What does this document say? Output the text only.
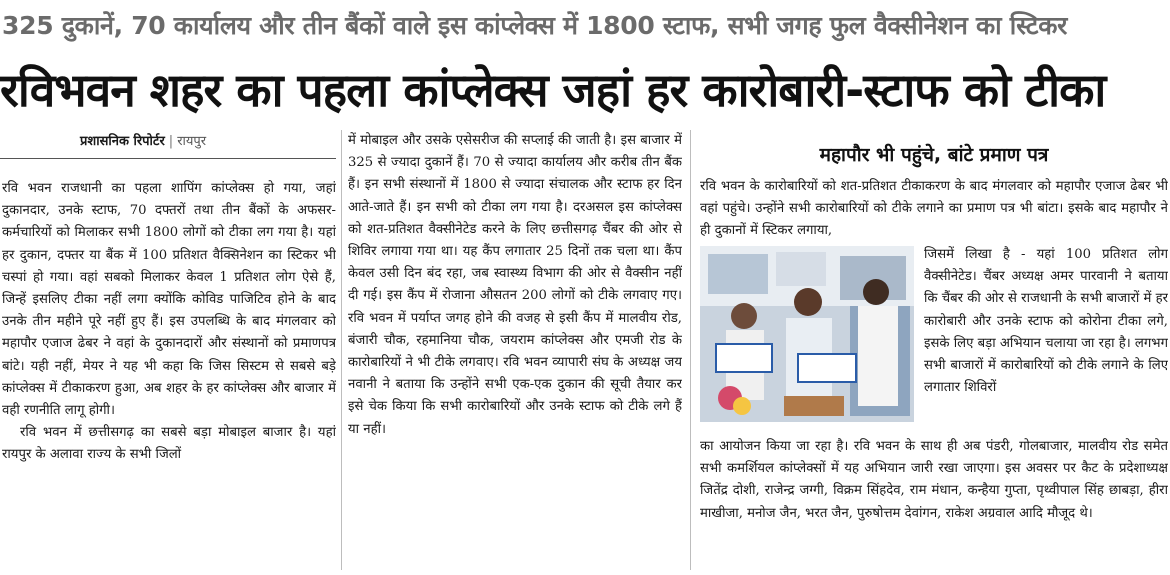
325 दुकानें, 70 कार्यालय और तीन बैंकों वाले इस कांप्लेक्स में 1800 स्टाफ, सभी जगह फुल वैक्सीनेशन का स्टिकर
रविभवन शहर का पहला कांप्लेक्स जहां हर कारोबारी-स्टाफ को टीका
प्रशासनिक रिपोर्टर | रायपुर

रवि भवन राजधानी का पहला शापिंग कांप्लेक्स हो गया, जहां दुकानदार, उनके स्टाफ, 70 दफ्तरों तथा तीन बैंकों के अफसर-कर्मचारियों को मिलाकर सभी 1800 लोगों को टीका लग गया है। यहां हर दुकान, दफ्तर या बैंक में 100 प्रतिशत वैक्सिनेशन का स्टिकर भी चस्पां हो गया। वहां सबको मिलाकर केवल 1 प्रतिशत लोग ऐसे हैं, जिन्हें इसलिए टीका नहीं लगा क्योंकि कोविड पाजिटिव होने के बाद उनके तीन महीने पूरे नहीं हुए हैं। इस उपलब्धि के बाद मंगलवार को महापौर एजाज ढेबर ने वहां के दुकानदारों और संस्थानों को प्रमाणपत्र बांटे। यही नहीं, मेयर ने यह भी कहा कि जिस सिस्टम से सबसे बड़े कांप्लेक्स में टीकाकरण हुआ, अब शहर के हर कांप्लेक्स और बाजार में वही रणनीति लागू होगी।

रवि भवन में छत्तीसगढ़ का सबसे बड़ा मोबाइल बाजार है। यहां रायपुर के अलावा राज्य के सभी जिलों

में मोबाइल और उसके एसेसरीज की सप्लाई की जाती है। इस बाजार में 325 से ज्यादा दुकानें हैं। 70 से ज्यादा कार्यालय और करीब तीन बैंक हैं। इन सभी संस्थानों में 1800 से ज्यादा संचालक और स्टाफ हर दिन आते-जाते हैं। इन सभी को टीका लग गया है। दरअसल इस कांप्लेक्स को शत-प्रतिशत वैक्सीनेटेड करने के लिए छत्तीसगढ़ चैंबर की ओर से शिविर लगाया गया था। यह कैंप लगातार 25 दिनों तक चला था। कैंप केवल उसी दिन बंद रहा, जब स्वास्थ्य विभाग की ओर से वैक्सीन नहीं दी गई। इस कैंप में रोजाना औसतन 200 लोगों को टीके लगवाए गए। रवि भवन में पर्याप्त जगह होने की वजह से इसी कैंप में मालवीय रोड, बंजारी चौक, रहमानिया चौक, जयराम कांप्लेक्स और एमजी रोड के कारोबारियों ने भी टीके लगवाए। रवि भवन व्यापारी संघ के अध्यक्ष जय नवानी ने बताया कि उन्होंने सभी एक-एक दुकान की सूची तैयार कर इसे चेक किया कि सभी कारोबारियों और उनके स्टाफ को टीके लगे हैं या नहीं।

महापौर भी पहुंचे, बांटे प्रमाण पत्र

रवि भवन के कारोबारियों को शत-प्रतिशत टीकाकरण के बाद मंगलवार को महापौर एजाज ढेबर भी वहां पहुंचे। उन्होंने सभी कारोबारियों को टीके लगाने का प्रमाण पत्र भी बांटा। इसके बाद महापौर ने ही दुकानों में स्टिकर लगाया,

जिसमें लिखा है - यहां 100 प्रतिशत लोग वैक्सीनेटेड। चैंबर अध्यक्ष अमर पारवानी ने बताया कि चैंबर की ओर से राजधानी के सभी बाजारों में हर कारोबारी और उनके स्टाफ को कोरोना टीका लगे, इसके लिए बड़ा अभियान चलाया जा रहा है। लगभग सभी बाजारों में कारोबारियों को टीके लगाने के लिए लगातार शिविरों

का आयोजन किया जा रहा है। रवि भवन के साथ ही अब पंडरी, गोलबाजार, मालवीय रोड समेत सभी कमर्शियल कांप्लेक्सों में यह अभियान जारी रखा जाएगा। इस अवसर पर कैट के प्रदेशाध्यक्ष जितेंद्र दोशी, राजेन्द्र जग्गी, विक्रम सिंहदेव, राम मंधान, कन्हैया गुप्ता, पृथ्वीपाल सिंह छाबड़ा, हीरा माखीजा, मनोज जैन, भरत जैन, पुरुषोत्तम देवांगन, राकेश अग्रवाल आदि मौजूद थे।
